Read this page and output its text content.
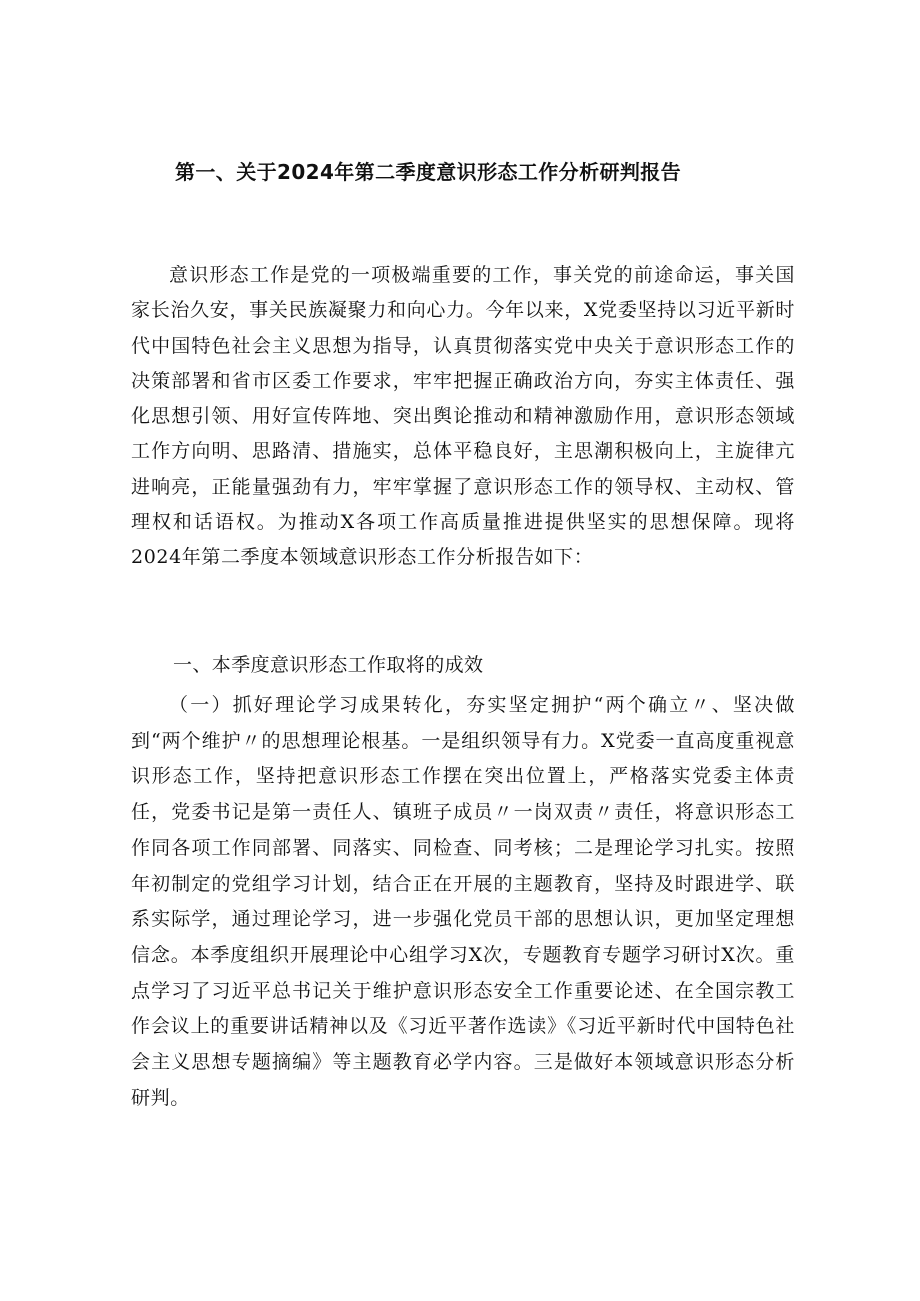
第一、关于2024年第二季度意识形态工作分析研判报告

意识形态工作是党的一项极端重要的工作，事关党的前途命运，事关国家长治久安，事关民族凝聚力和向心力。今年以来，X党委坚持以习近平新时代中国特色社会主义思想为指导，认真贯彻落实党中央关于意识形态工作的决策部署和省市区委工作要求，牢牢把握正确政治方向，夯实主体责任、强化思想引领、用好宣传阵地、突出舆论推动和精神激励作用，意识形态领域工作方向明、思路清、措施实，总体平稳良好，主思潮积极向上，主旋律亢进响亮，正能量强劲有力，牢牢掌握了意识形态工作的领导权、主动权、管理权和话语权。为推动X各项工作高质量推进提供坚实的思想保障。现将2024年第二季度本领域意识形态工作分析报告如下：

一、本季度意识形态工作取将的成效

（一）抓好理论学习成果转化，夯实坚定拥护“两个确立〃、坚决做到“两个维护〃的思想理论根基。一是组织领导有力。X党委一直高度重视意识形态工作，坚持把意识形态工作摆在突出位置上，严格落实党委主体责任，党委书记是第一责任人、镇班子成员〃一岗双责〃责任，将意识形态工作同各项工作同部署、同落实、同检查、同考核；二是理论学习扎实。按照年初制定的党组学习计划，结合正在开展的主题教育，坚持及时跟进学、联系实际学，通过理论学习，进一步强化党员干部的思想认识，更加坚定理想信念。本季度组织开展理论中心组学习X次，专题教育专题学习研讨X次。重点学习了习近平总书记关于维护意识形态安全工作重要论述、在全国宗教工作会议上的重要讲话精神以及《习近平著作选读》《习近平新时代中国特色社会主义思想专题摘编》等主题教育必学内容。三是做好本领域意识形态分析研判。
